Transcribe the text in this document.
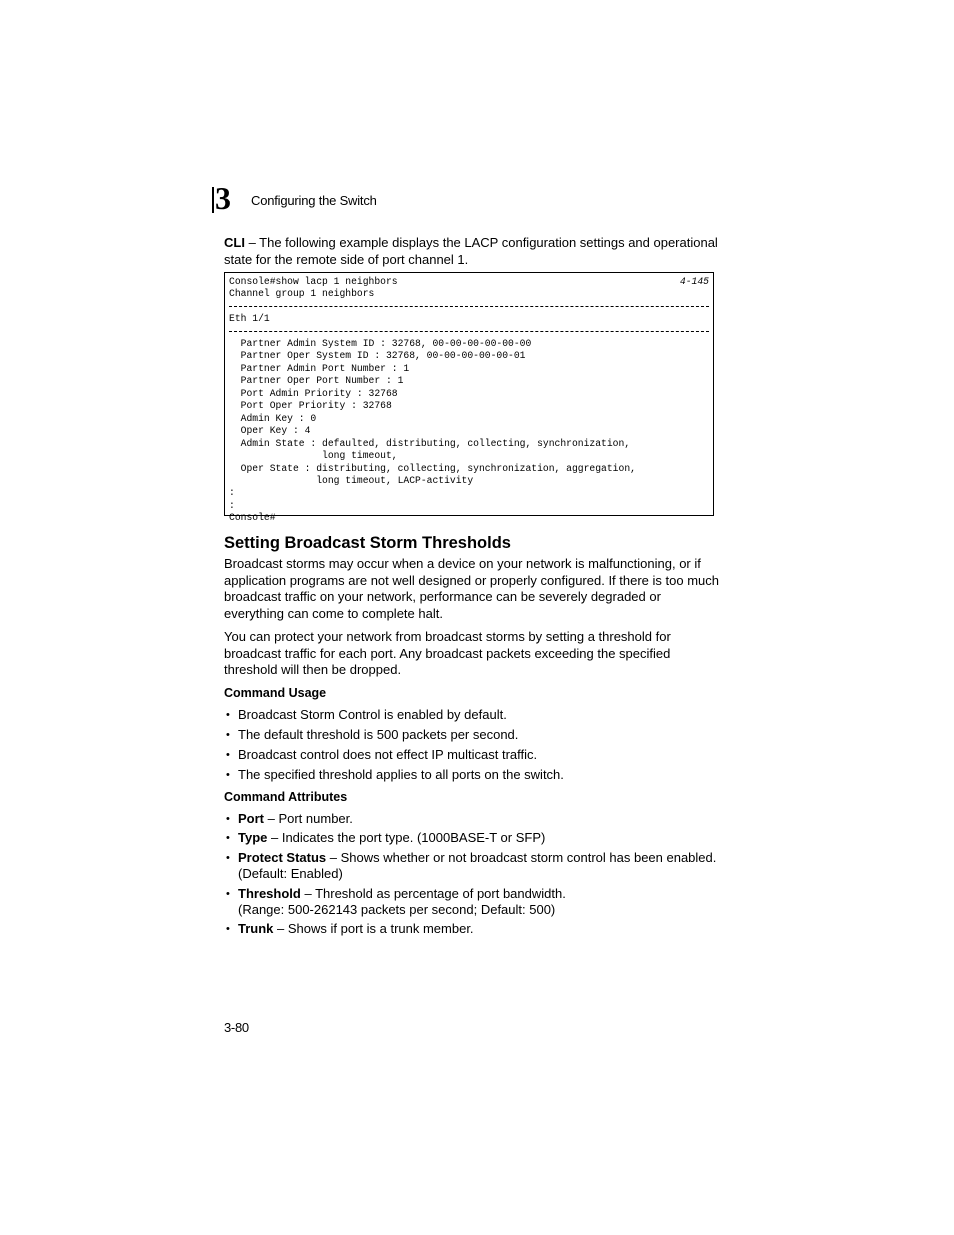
3 Configuring the Switch
CLI – The following example displays the LACP configuration settings and operational state for the remote side of port channel 1.
Console#show lacp 1 neighbors
Channel group 1 neighbors
4-145
Eth 1/1
Partner Admin System ID : 32768, 00-00-00-00-00-00
Partner Oper System ID : 32768, 00-00-00-00-00-01
Partner Admin Port Number : 1
Partner Oper Port Number : 1
Port Admin Priority : 32768
Port Oper Priority : 32768
Admin Key : 0
Oper Key : 4
Admin State : defaulted, distributing, collecting, synchronization,
long timeout,
Oper State : distributing, collecting, synchronization, aggregation,
long timeout, LACP-activity
:
:
Console#
Setting Broadcast Storm Thresholds
Broadcast storms may occur when a device on your network is malfunctioning, or if application programs are not well designed or properly configured. If there is too much broadcast traffic on your network, performance can be severely degraded or everything can come to complete halt.
You can protect your network from broadcast storms by setting a threshold for broadcast traffic for each port. Any broadcast packets exceeding the specified threshold will then be dropped.
Command Usage
• Broadcast Storm Control is enabled by default.
• The default threshold is 500 packets per second.
• Broadcast control does not effect IP multicast traffic.
• The specified threshold applies to all ports on the switch.
Command Attributes
• Port – Port number.
• Type – Indicates the port type. (1000BASE-T or SFP)
• Protect Status – Shows whether or not broadcast storm control has been enabled. (Default: Enabled)
• Threshold – Threshold as percentage of port bandwidth.
(Range: 500-262143 packets per second; Default: 500)
• Trunk – Shows if port is a trunk member.
3-80
